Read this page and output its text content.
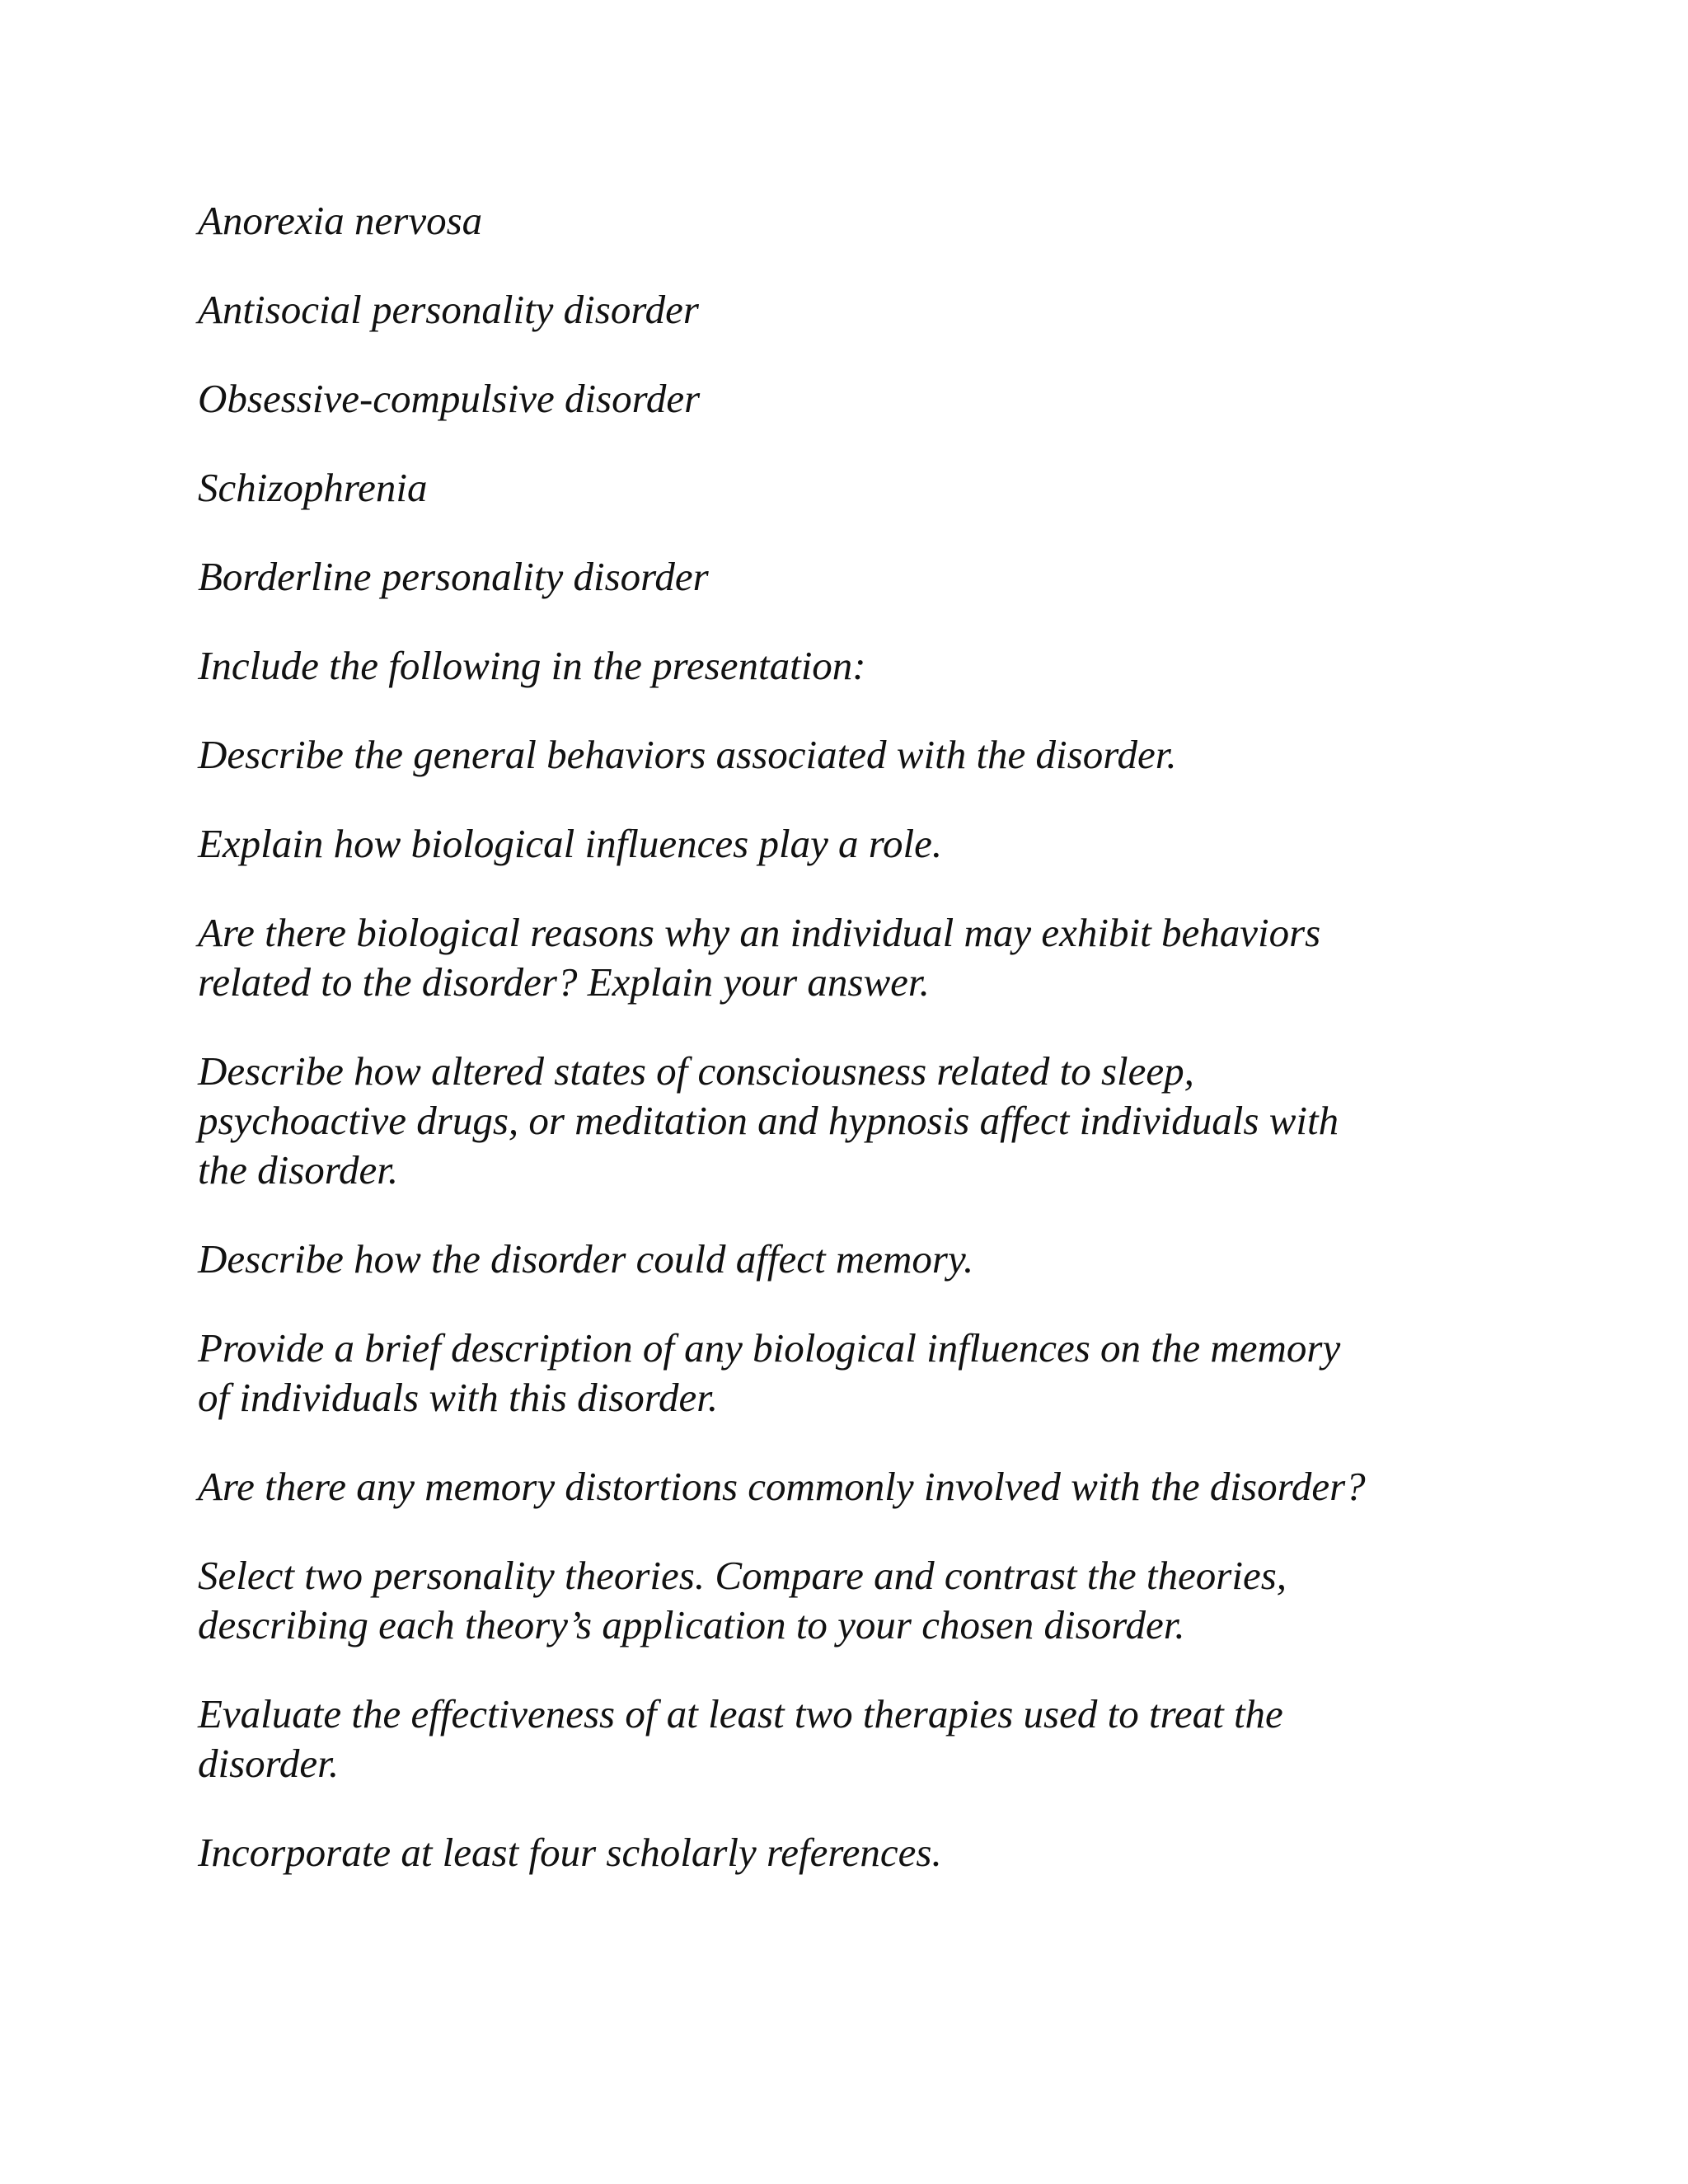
Anorexia nervosa

Antisocial personality disorder

Obsessive-compulsive disorder

Schizophrenia

Borderline personality disorder

Include the following in the presentation:

Describe the general behaviors associated with the disorder.

Explain how biological influences play a role.

Are there biological reasons why an individual may exhibit behaviors
related to the disorder? Explain your answer.

Describe how altered states of consciousness related to sleep,
psychoactive drugs, or meditation and hypnosis affect individuals with
the disorder.

Describe how the disorder could affect memory.

Provide a brief description of any biological influences on the memory
of individuals with this disorder.

Are there any memory distortions commonly involved with the disorder?

Select two personality theories. Compare and contrast the theories,
describing each theory’s application to your chosen disorder.

Evaluate the effectiveness of at least two therapies used to treat the
disorder.

Incorporate at least four scholarly references.
